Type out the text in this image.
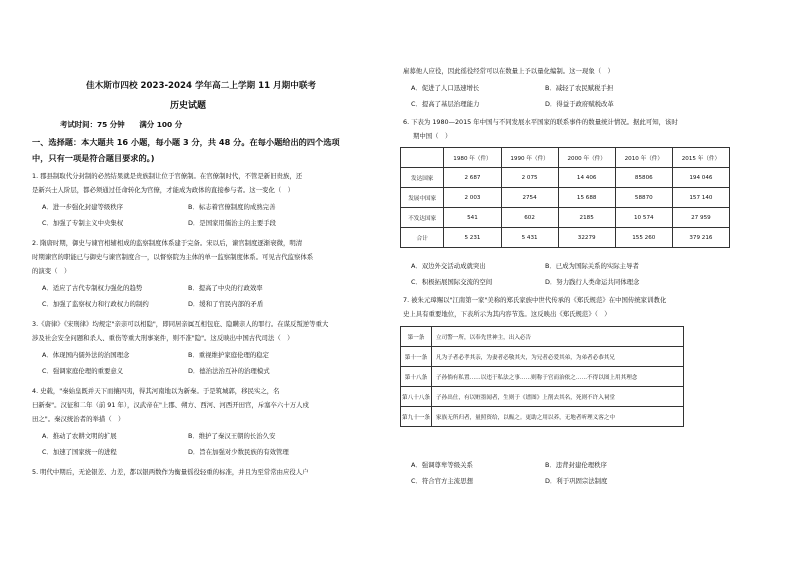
佳木斯市四校 2023-2024 学年高二上学期 11 月期中联考
历史试题
考试时间：75 分钟　　满分 100 分
一、选择题：本大题共 16 小题，每小题 3 分，共 48 分。在每小题给出的四个选项
中，只有一项是符合题目要求的。)
1. 郡县制取代分封制的必然结果就是贵族制让位于官僚制。在官僚制时代，不管是新旧贵族，还
是新兴士人阶层，都必须通过任命转化为官僚，才能成为政体的直接参与者。这一变化（　）
A．进一步强化封建等级秩序	B．标志着官僚制度的成熟完善
C．加强了专制主义中央集权	D．是国家用儒治主的主要手段
2. 隋唐时期，御史与谏官相辅相成的监察制度体系建于完备。宋以后，谏官制度逐渐衰微，明清
时期谏官的职能已与御史与谏官制度合一，以督察院为主体的单一监察制度体系。可见古代监察体系
的演变（　）
A．适应了古代专制权力强化的趋势	B．提高了中央的行政效率
C．加强了监察权力和行政权力的制约	D．缓和了官民内部的矛盾
3.《唐律》《宋刑律》均规定"亲亲可以相隐"，即同居亲属互相包庇、隐瞒亲人的罪行。在谋反叛逆等重大
涉及社会安全问题和杀人、重伤等重大刑事案件，则不准"隐"。这反映出中国古代司法（　）
A．体现国内儒外法的治国理念	B．重视维护家庭伦理的稳定
C．强调家庭伦理的重要意义	D．德治法治互补的治理模式
4. 史载，"秦始皇既并天下而攘四夷，得其河南地以为新秦。于是筑城郭，移民实之，名
曰新秦"。汉征和二年（前 91 年），汉武帝在"上郡、朔方、西河、河西开田官，斥塞卒六十万人戍
田之"。秦汉统治者的举措（　）
A．推动了农耕文明的扩展	B．维护了秦汉王朝的长治久安
C．加速了国家统一的进程	D．旨在加强对少数民族的有效管理
5. 明代中期后，无论银差、力差，都以银两数作为衡量徭役轻重的标准，并且为至常常由应役人户
雇募他人应役，因此徭役经常可以在数量上予以量化编制。这一现象（　）
A．促进了人口迅速增长	B．减轻了农民赋税手担
C．提高了基层治理能力	D．得益于政府赋税改革
6. 下表为 1980—2015 年中国与不同发展水平国家的联系事件的数量统计情况。据此可知，该时
期中国（　）
	1980 年（件）	1990 年（件）	2000 年（件）	2010 年（件）	2015 年（件）
发达国家	2 687	2 075	14 406	85806	194 046
发展中国家	2 003	2754	15 688	58870	157 140
不发达国家	541	602	2185	10 574	27 959
合计	5 231	5 431	32279	155 260	379 216
A．双边外交活动成就突出	B．已成为国际关系的实际主导者
C．积极拓展国际交流的空间	D．努力践行人类命运共同体理念
7. 被朱元璋赐以"江南第一家"美称的郑氏家族中世代传承的《郑氏规范》在中国传统家训教化
史上具有重要地位，下表所示为其内容节选。这反映出《郑氏规范》（　）
第一条	立司警一所，以奉先世神主，出入必告
第十一条	凡为子者必孝其亲，为妻者必敬其夫，为兄者必爱其弟，为弟者必恭其兄
第十八条	子孙倘有私置……以违于私法之事……则称于官而治依之……不得以图上用其理念
第八十八条	子孙出仕，有以赃墨闻者，生则于《谱图》上削去其名，死则不许入祠堂
第九十一条	家族无所归者，量照资给，以赈之。更助之用以养，无地者听理义客之中
A．强调尊卑等级关系	B．违背封建伦理秩序
C．符合官方主流思想	D．利于巩固宗法制度
